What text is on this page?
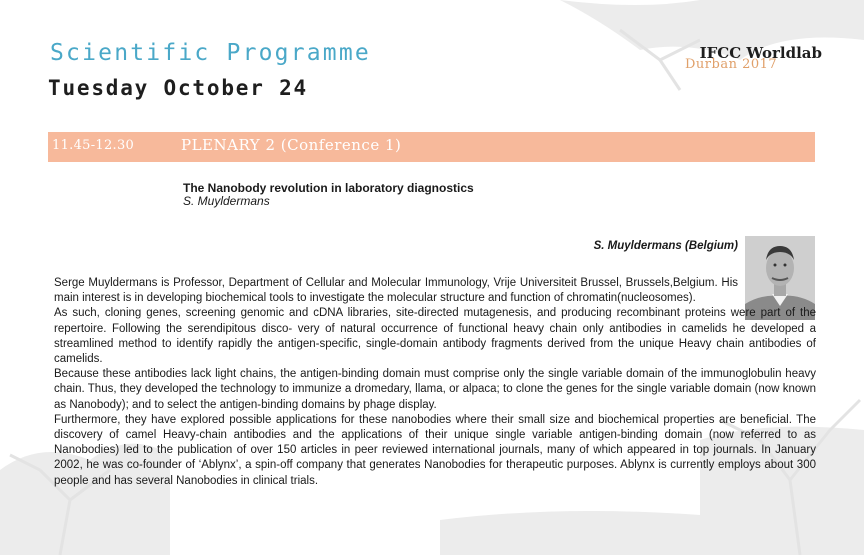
Scientific Programme
Tuesday October 24
IFCC Worldlab
Durban 2017
11.45-12.30	PLENARY 2 (Conference 1)
The Nanobody revolution in laboratory diagnostics
S. Muyldermans
S. Muyldermans (Belgium)

Serge Muyldermans is Professor, Department of Cellular and Molecular Immunology, Vrije Universiteit Brussel, Brussels,Belgium. His main interest is in developing biochemical tools to investigate the molecular structure and function of chromatin(nucleosomes).

As such, cloning genes, screening genomic and cDNA libraries, site-directed mutagenesis, and producing recombinant proteins were part of the repertoire. Following the serendipitous disco- very of natural occurrence of functional heavy chain only antibodies in camelids he developed a streamlined method to identify rapidly the antigen-specific, single-domain antibody fragments derived from the unique Heavy chain antibodies of camelids.

Because these antibodies lack light chains, the antigen-binding domain must comprise only the single variable domain of the immunoglobulin heavy chain. Thus, they developed the technology to immunize a dromedary, llama, or alpaca; to clone the genes for the single variable domain (now known as Nanobody); and to select the antigen-binding domains by phage display.

Furthermore, they have explored possible applications for these nanobodies where their small size and biochemical properties are beneficial. The discovery of camel Heavy-chain antibodies and the applications of their unique single variable antigen-binding domain (now referred to as Nanobodies) led to the publication of over 150 articles in peer reviewed international journals, many of which appeared in top journals. In January 2002, he was co-founder of ‘Ablynx’, a spin-off company that generates Nanobodies for therapeutic purposes. Ablynx is currently employs about 300 people and has several Nanobodies in clinical trials.
